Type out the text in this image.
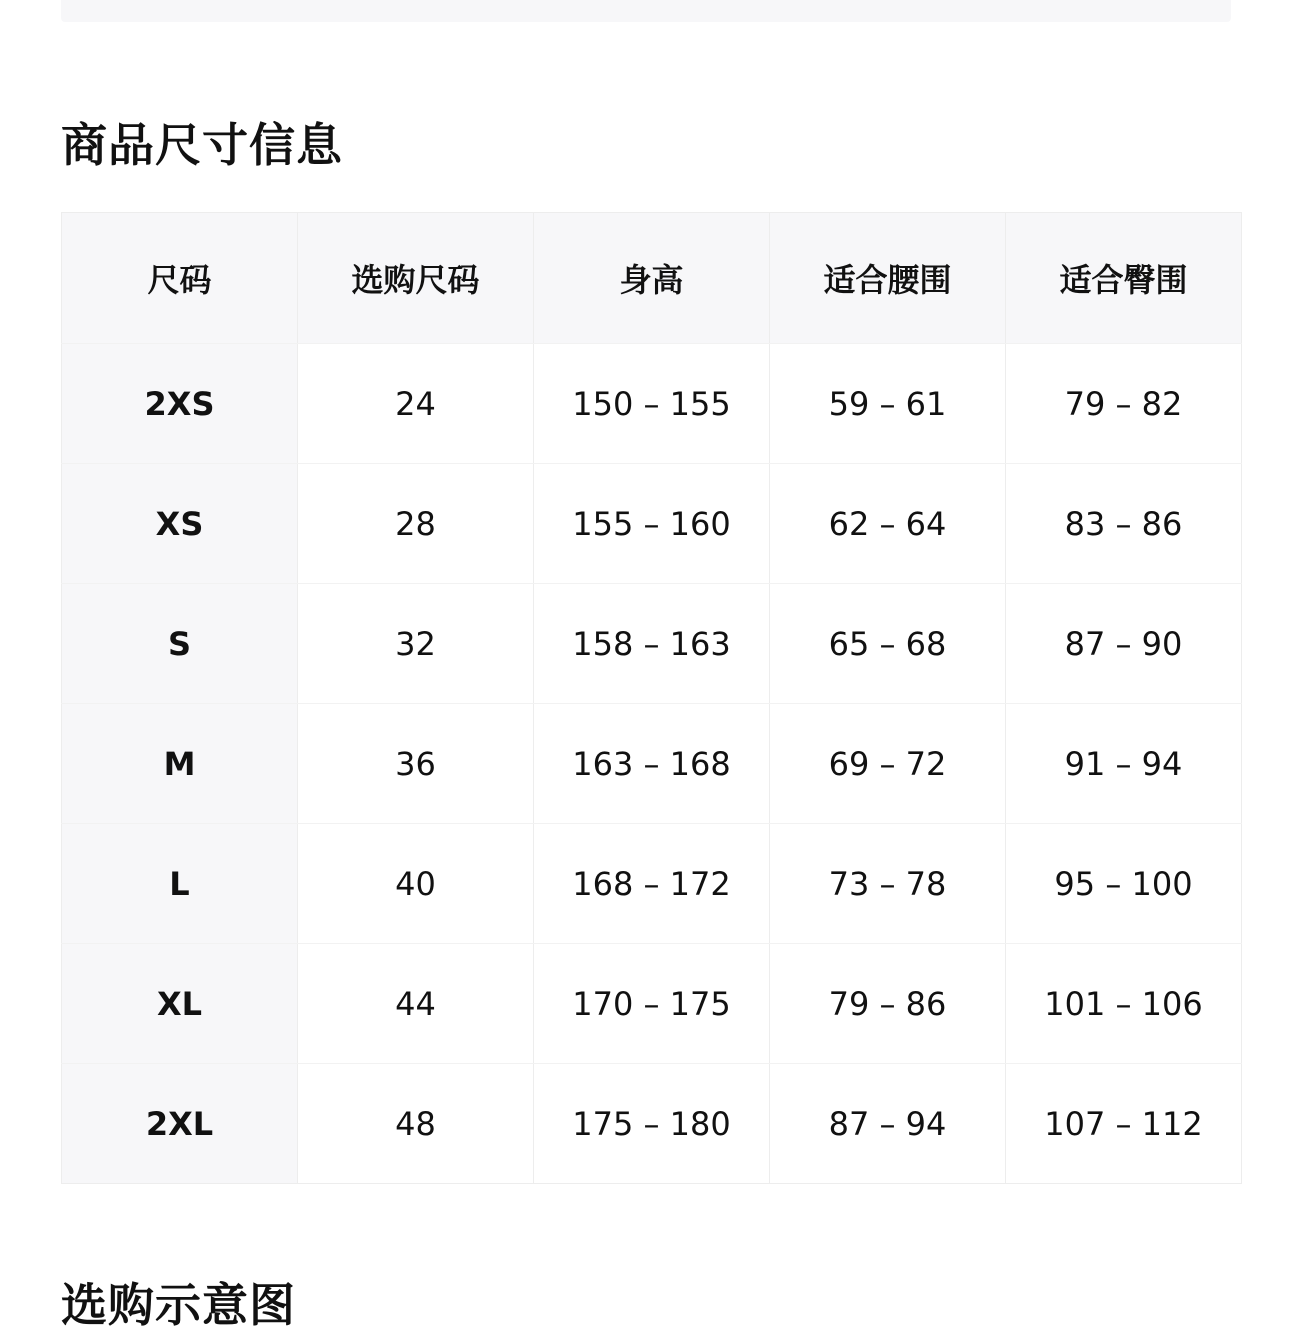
商品尺寸信息
尺码	选购尺码	身高	适合腰围	适合臀围
2XS	24	150 – 155	59 – 61	79 – 82
XS	28	155 – 160	62 – 64	83 – 86
S	32	158 – 163	65 – 68	87 – 90
M	36	163 – 168	69 – 72	91 – 94
L	40	168 – 172	73 – 78	95 – 100
XL	44	170 – 175	79 – 86	101 – 106
2XL	48	175 – 180	87 – 94	107 – 112
选购示意图
